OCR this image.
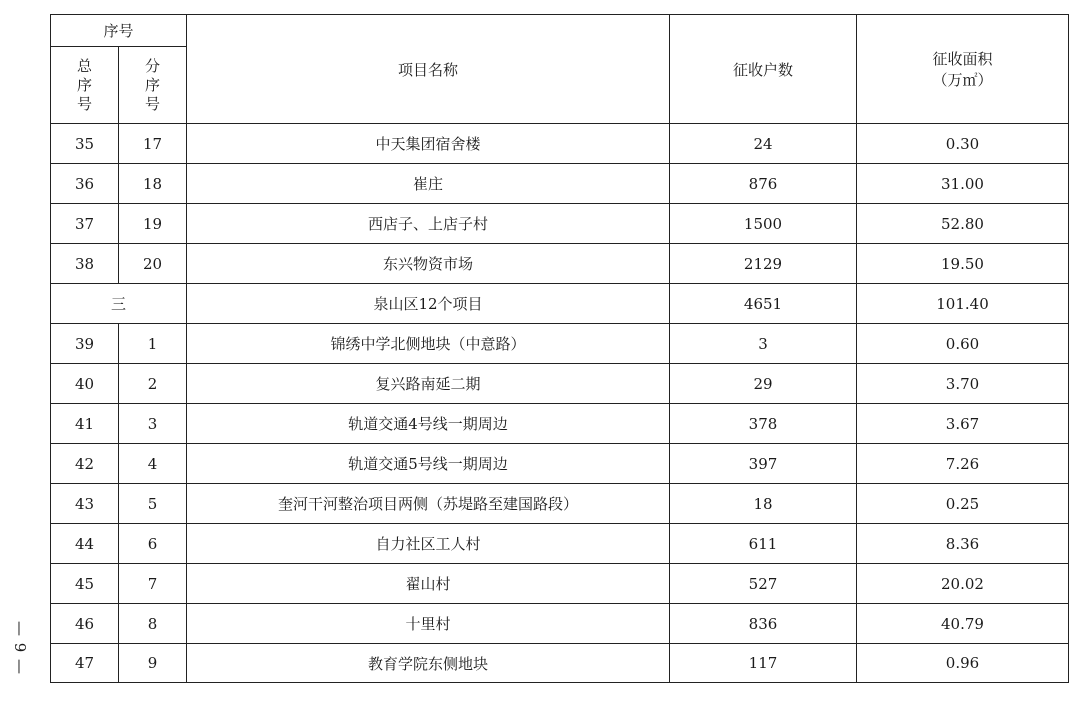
— 9 —
序号		项目名称	征收户数	征收面积
（万㎡）

总序号	分序号			
35	17	中天集团宿舍楼	24	0.30
36	18	崔庄	876	31.00
37	19	西店子、上店子村	1500	52.80
38	20	东兴物资市场	2129	19.50
三		泉山区12个项目	4651	101.40
39	1	锦绣中学北侧地块（中意路）	3	0.60
40	2	复兴路南延二期	29	3.70
41	3	轨道交通4号线一期周边	378	3.67
42	4	轨道交通5号线一期周边	397	7.26
43	5	奎河干河整治项目两侧（苏堤路至建国路段）	18	0.25
44	6	自力社区工人村	611	8.36
45	7	翟山村	527	20.02
46	8	十里村	836	40.79
47	9	教育学院东侧地块	117	0.96
